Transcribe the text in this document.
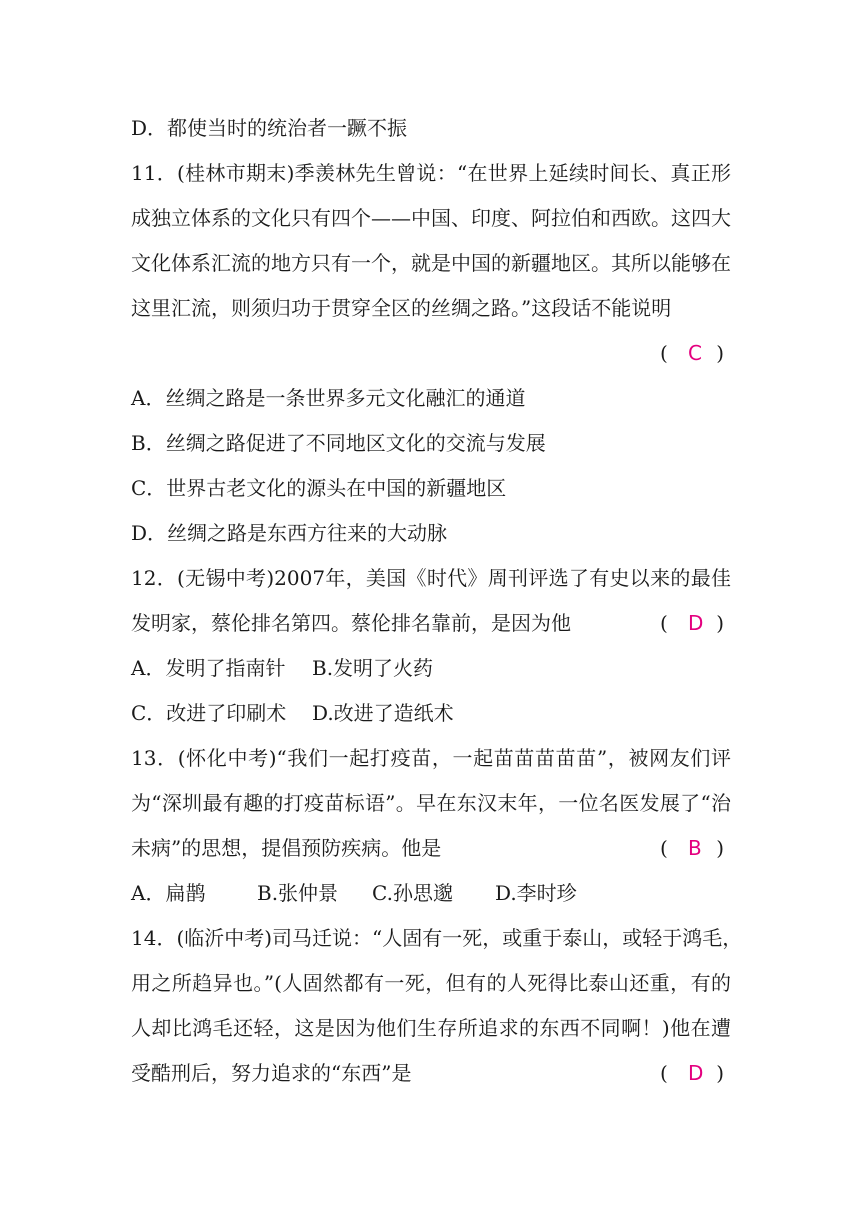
D．都使当时的统治者一蹶不振
11．(桂林市期末)季羡林先生曾说：“在世界上延续时间长、真正形
成独立体系的文化只有四个——中国、印度、阿拉伯和西欧。这四大
文化体系汇流的地方只有一个，就是中国的新疆地区。其所以能够在
这里汇流，则须归功于贯穿全区的丝绸之路。”这段话不能说明
( C )
A．丝绸之路是一条世界多元文化融汇的通道
B．丝绸之路促进了不同地区文化的交流与发展
C．世界古老文化的源头在中国的新疆地区
D．丝绸之路是东西方往来的大动脉
12．(无锡中考)2007年，美国《时代》周刊评选了有史以来的最佳
发明家，蔡伦排名第四。蔡伦排名靠前，是因为他	( D )
A．发明了指南针 B.发明了火药
C．改进了印刷术 D.改进了造纸术
13．(怀化中考)“我们一起打疫苗，一起苗苗苗苗苗”，被网友们评
为“深圳最有趣的打疫苗标语”。早在东汉末年，一位名医发展了“治
未病”的思想，提倡预防疾病。他是	( B )
A．扁鹊	B.张仲景 C.孙思邈 D.李时珍
14．(临沂中考)司马迁说：“人固有一死，或重于泰山，或轻于鸿毛，
用之所趋异也。”(人固然都有一死，但有的人死得比泰山还重，有的
人却比鸿毛还轻，这是因为他们生存所追求的东西不同啊！)他在遭
受酷刑后，努力追求的“东西”是	( D )
